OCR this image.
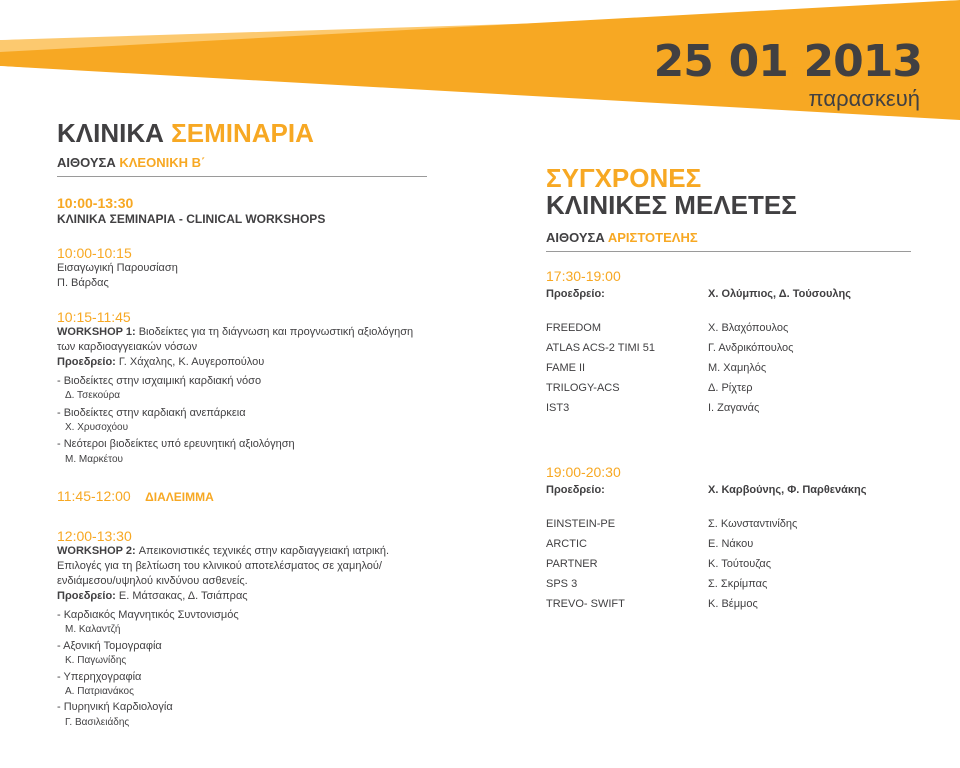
25.01.2013
παρασκευή
ΚΛΙΝΙΚΑ ΣΕΜΙΝΑΡΙΑ
ΑΙΘΟΥΣΑ ΚΛΕΟΝΙΚΗ Β΄
10:00-13:30
ΚΛΙΝΙΚΑ ΣΕΜΙΝΑΡΙΑ - CLINICAL WORKSHOPS
10:00-10:15
Εισαγωγική Παρουσίαση
Π. Βάρδας
10:15-11:45
WORKSHOP 1: Βιοδείκτες για τη διάγνωση και προγνωστική αξιολόγηση
των καρδιοαγγειακών νόσων
Προεδρείο: Γ. Χάχαλης, Κ. Αυγεροπούλου
- Βιοδείκτες στην ισχαιμική καρδιακή νόσο
Δ. Τσεκούρα
- Βιοδείκτες στην καρδιακή ανεπάρκεια
Χ. Χρυσοχόου
- Νεότεροι βιοδείκτες υπό ερευνητική αξιολόγηση
Μ. Μαρκέτου
11:45-12:00 ΔΙΑΛΕΙΜΜΑ
12:00-13:30
WORKSHOP 2: Απεικονιστικές τεχνικές στην καρδιαγγειακή ιατρική.
Επιλογές για τη βελτίωση του κλινικού αποτελέσματος σε χαμηλού/
ενδιάμεσου/υψηλού κινδύνου ασθενείς.
Προεδρείο: Ε. Μάτσακας, Δ. Τσιάπρας
- Καρδιακός Μαγνητικός Συντονισμός
Μ. Καλαντζή
- Αξονική Τομογραφία
Κ. Παγωνίδης
- Υπερηχογραφία
Α. Πατριανάκος
- Πυρηνική Καρδιολογία
Γ. Βασιλειάδης
ΣΥΓΧΡΟΝΕΣ
ΚΛΙΝΙΚΕΣ ΜΕΛΕΤΕΣ
ΑΙΘΟΥΣΑ ΑΡΙΣΤΟΤΕΛΗΣ
17:30-19:00
Προεδρείο:	Χ. Ολύμπιος, Δ. Τούσουλης
FREEDOM	Χ. Βλαχόπουλος
ATLAS ACS-2 TIMI 51	Γ. Ανδρικόπουλος
FAME II	Μ. Χαμηλός
TRILOGY-ACS	Δ. Ρίχτερ
IST3	Ι. Ζαγανάς
19:00-20:30
Προεδρείο:	Χ. Καρβούνης, Φ. Παρθενάκης
EINSTEIN-PE	Σ. Κωνσταντινίδης
ARCTIC	Ε. Νάκου
PARTNER	Κ. Τούτουζας
SPS 3	Σ. Σκρίμπας
TREVO- SWIFT	Κ. Βέμμος
